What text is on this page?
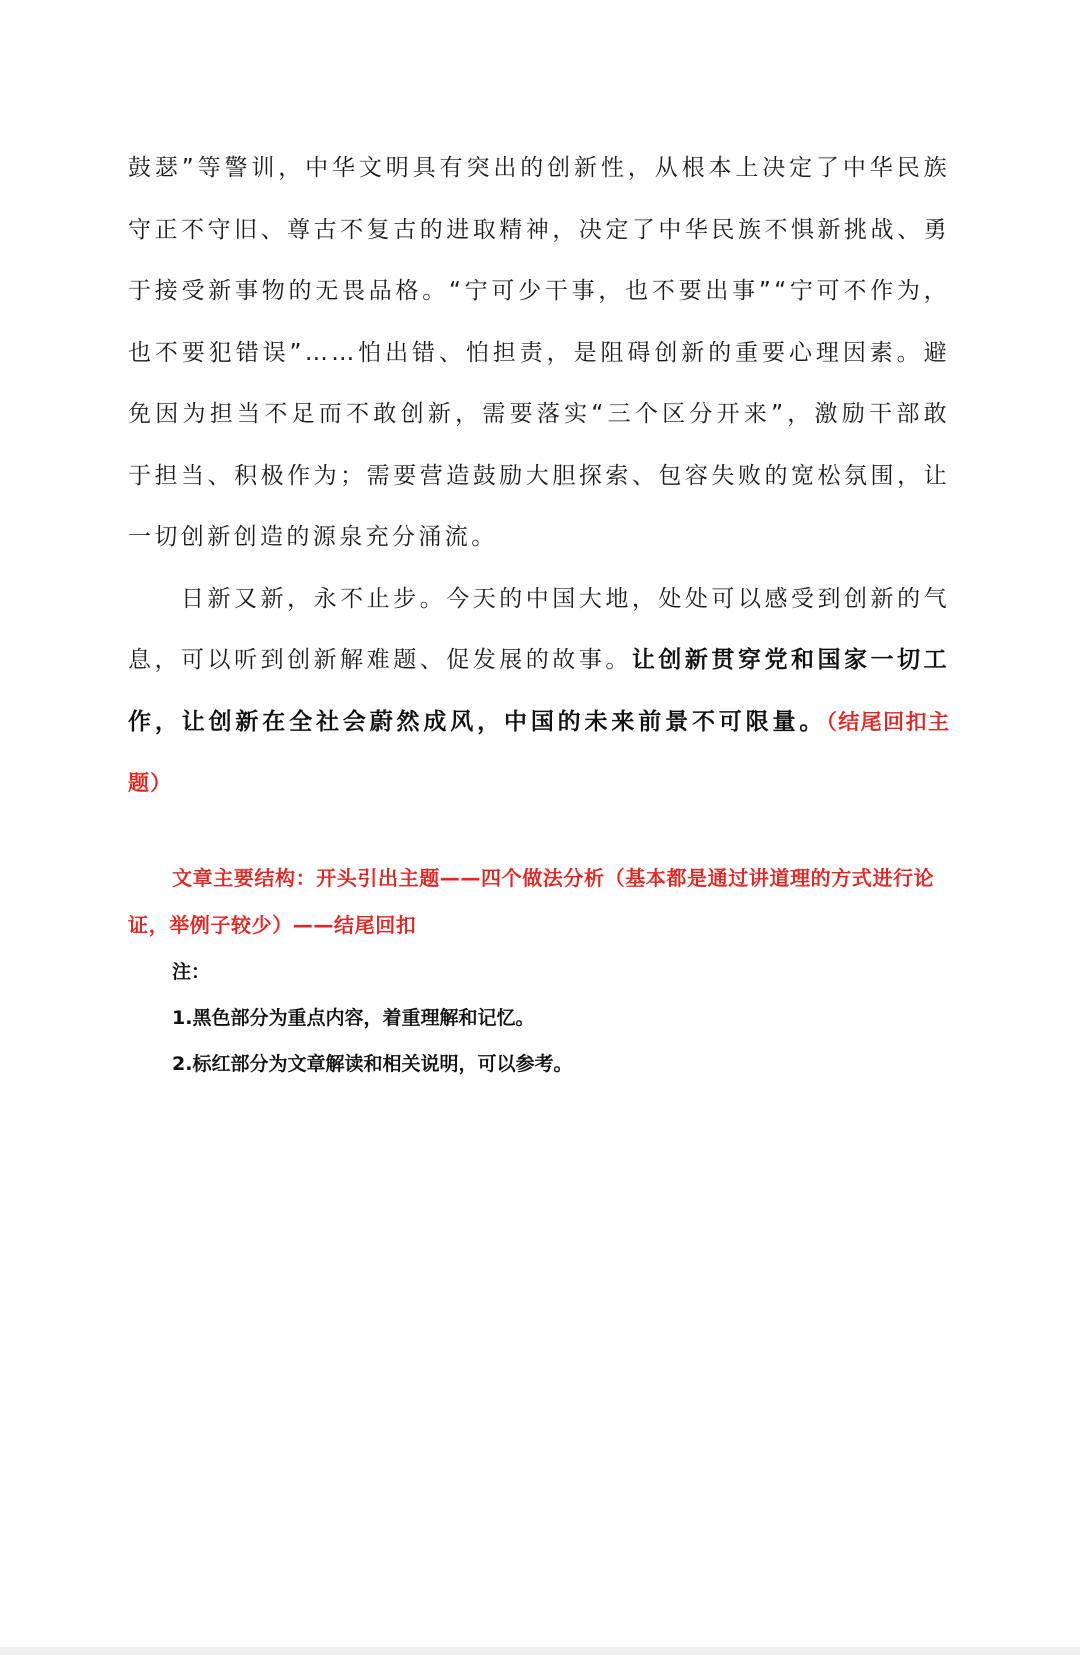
鼓瑟”等警训，中华文明具有突出的创新性，从根本上决定了中华民族守正不守旧、尊古不复古的进取精神，决定了中华民族不惧新挑战、勇于接受新事物的无畏品格。“宁可少干事，也不要出事”“宁可不作为，也不要犯错误”……怕出错、怕担责，是阻碍创新的重要心理因素。避免因为担当不足而不敢创新，需要落实“三个区分开来”，激励干部敢于担当、积极作为；需要营造鼓励大胆探索、包容失败的宽松氛围，让一切创新创造的源泉充分涌流。

日新又新，永不止步。今天的中国大地，处处可以感受到创新的气息，可以听到创新解难题、促发展的故事。让创新贯穿党和国家一切工作，让创新在全社会蔚然成风，中国的未来前景不可限量。（结尾回扣主题）

文章主要结构：开头引出主题——四个做法分析（基本都是通过讲道理的方式进行论证，举例子较少）——结尾回扣

注：

1.黑色部分为重点内容，着重理解和记忆。

2.标红部分为文章解读和相关说明，可以参考。
